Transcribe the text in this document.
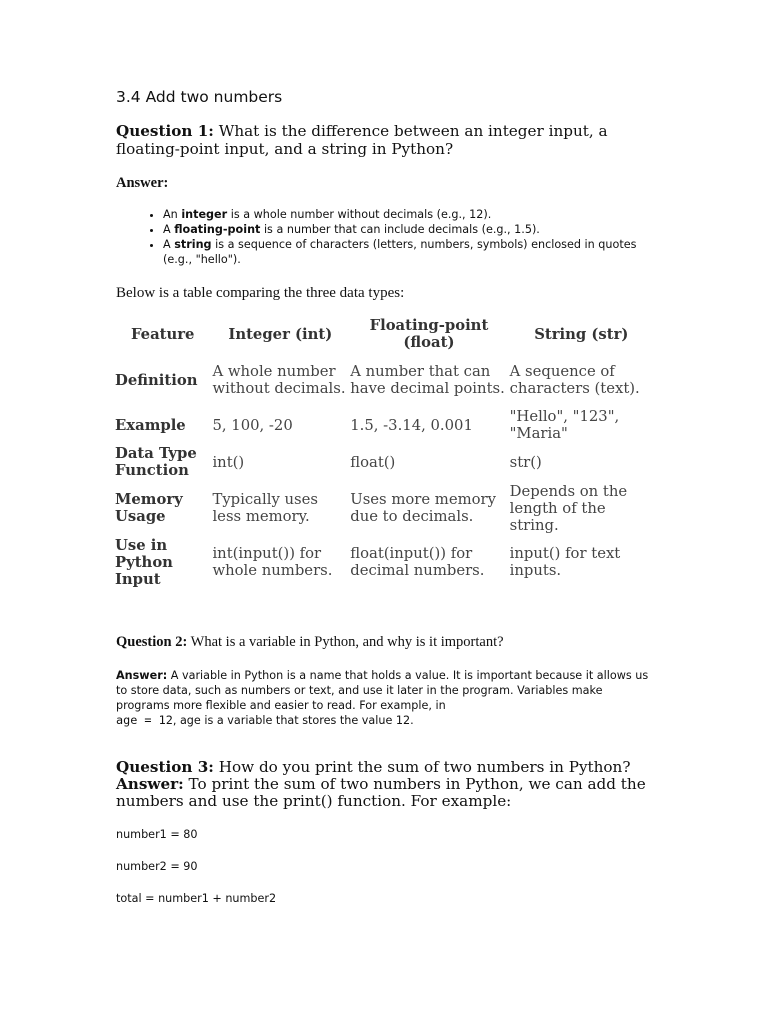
3.4 Add two numbers

Question 1: What is the difference between an integer input, a floating-point input, and a string in Python?

Answer:
• An integer is a whole number without decimals (e.g., 12).
• A floating-point is a number that can include decimals (e.g., 1.5).
• A string is a sequence of characters (letters, numbers, symbols) enclosed in quotes (e.g., "hello").
Below is a table comparing the three data types:
Feature	Integer (int)	Floating-point (float)	String (str)
Definition	A whole number without decimals.	A number that can have decimal points.	A sequence of characters (text).
Example	5, 100, -20	1.5, -3.14, 0.001	"Hello", "123", "Maria"
Data Type Function	int()	float()	str()
Memory Usage	Typically uses less memory.	Uses more memory due to decimals.	Depends on the length of the string.
Use in Python Input	int(input()) for whole numbers.	float(input()) for decimal numbers.	input() for text inputs.
Question 2: What is a variable in Python, and why is it important?
Answer: A variable in Python is a name that holds a value. It is important because it allows us to store data, such as numbers or text, and use it later in the program. Variables make programs more flexible and easier to read. For example, in
age = 12, age is a variable that stores the value 12.
Question 3: How do you print the sum of two numbers in Python?
Answer: To print the sum of two numbers in Python, we can add the numbers and use the print() function. For example:

number1 = 80

number2 = 90

total = number1 + number2
